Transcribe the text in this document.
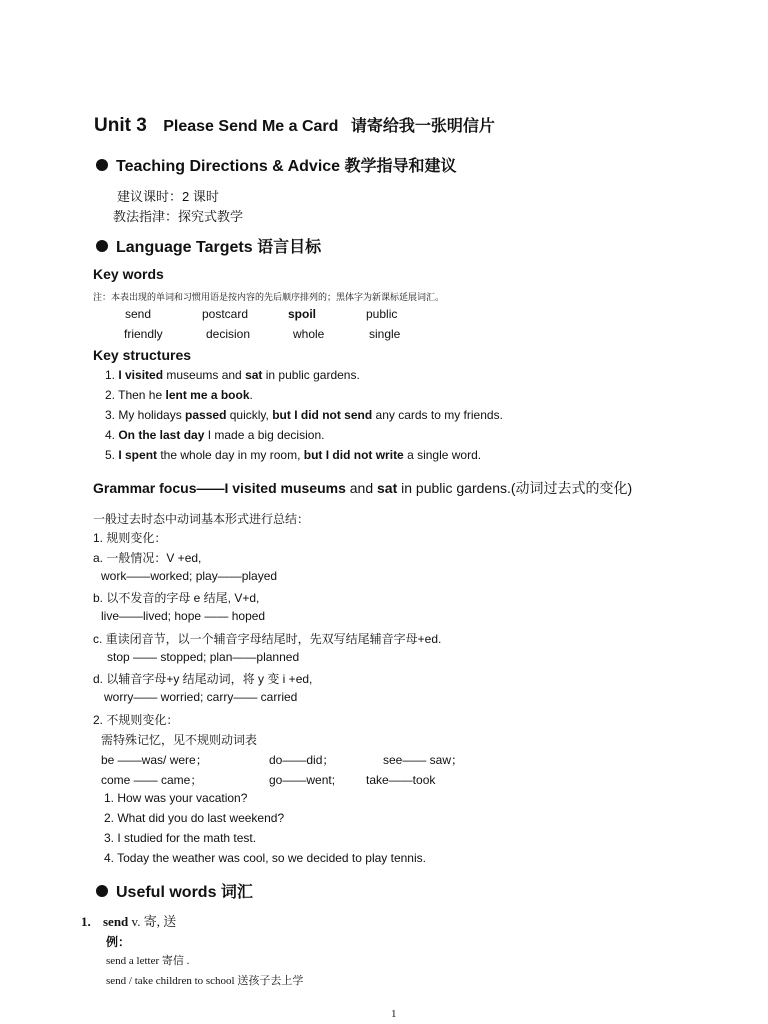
Unit 3 Please Send Me a Card 请寄给我一张明信片
Teaching Directions & Advice 教学指导和建议
建议课时：2 课时
教法指津：探究式教学
Language Targets 语言目标
Key words
注：本表出现的单词和习惯用语是按内容的先后顺序排列的；黑体字为新课标延展词汇。
send	postcard	spoil	public
friendly	decision	whole	single
Key structures
1. I visited museums and sat in public gardens.
2. Then he lent me a book.
3. My holidays passed quickly, but I did not send any cards to my friends.
4. On the last day I made a big decision.
5. I spent the whole day in my room, but I did not write a single word.
Grammar focus——I visited museums and sat in public gardens.(动词过去式的变化)
一般过去时态中动词基本形式进行总结：
1. 规则变化：
a. 一般情况：V +ed,
work——worked; play——played
b. 以不发音的字母 e 结尾, V+d,
live——lived; hope —— hoped
c. 重读闭音节，以一个辅音字母结尾时，先双写结尾辅音字母+ed.
stop —— stopped; plan——planned
d. 以辅音字母+y 结尾动词，将 y 变 i +ed,
worry—— worried; carry—— carried
2. 不规则变化：
需特殊记忆，见不规则动词表
be ——was/ were；	do——did；	see—— saw；
come —— came；	go——went;	take——took
1. How was your vacation?
2. What did you do last weekend?
3. I studied for the math test.
4. Today the weather was cool, so we decided to play tennis.
Useful words 词汇
1. send v. 寄, 送
例：
send a letter 寄信 .
send / take children to school 送孩子去上学
1
